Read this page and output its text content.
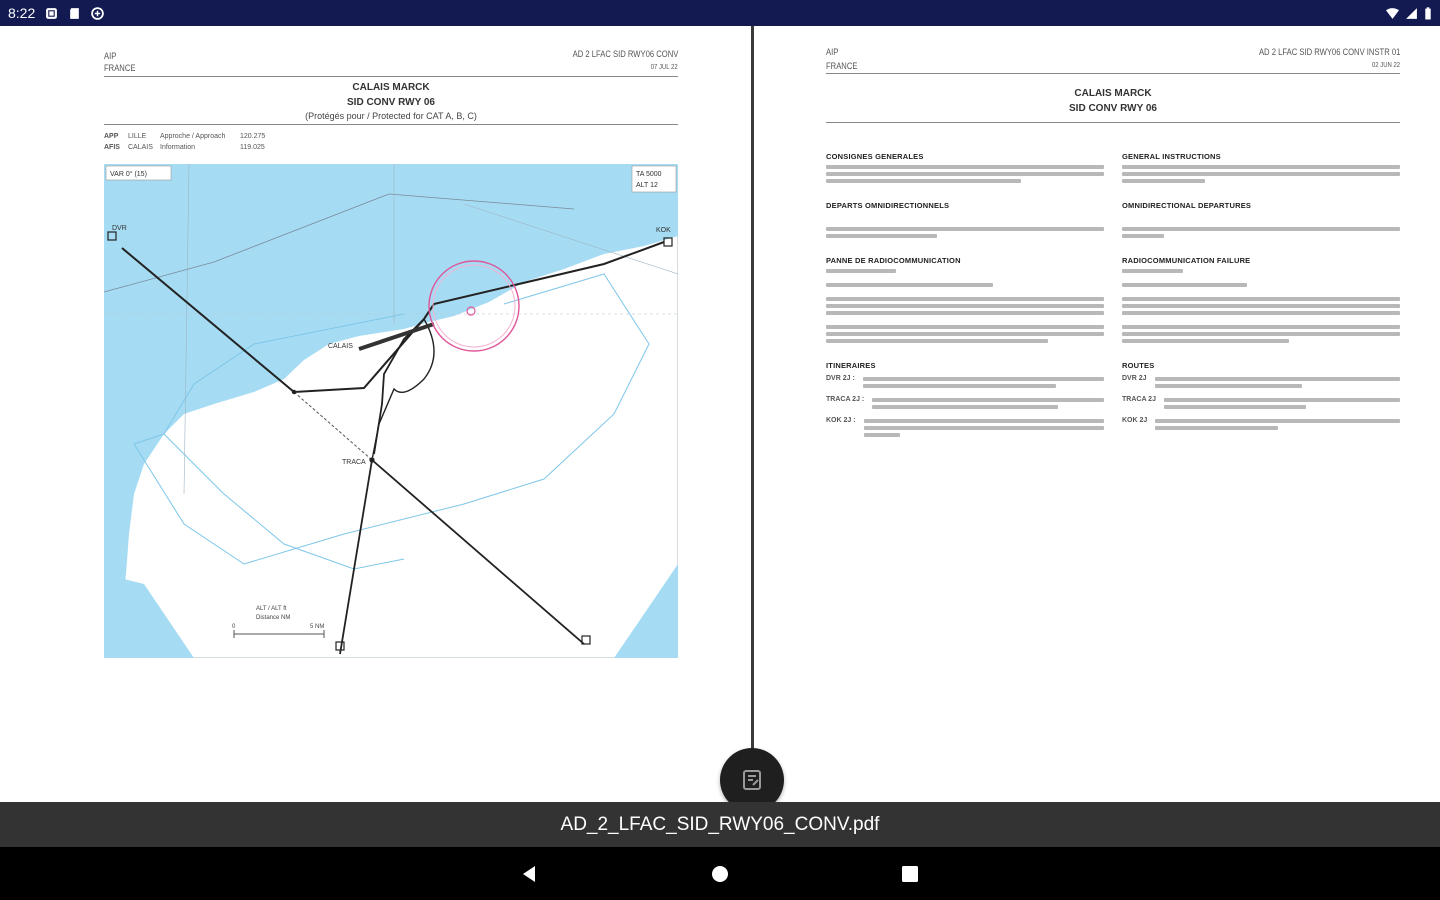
8:22
AIP
FRANCE
AD 2 LFAC SID RWY06 CONV
07 JUL 22
CALAIS MARCK
SID CONV RWY 06
(Protégés pour / Protected for CAT A, B, C)
APP LILLE Approche / Approach 120.275
AFIS CALAIS Information	119.025
VAR 0° (15)	TA 5000
ALT 12
CALAIS
TRACA
DVR	KOK
ALT / ALT ft
Distance NM
0	5 NM
AIP
FRANCE
AD 2 LFAC SID RWY06 CONV INSTR 01
02 JUN 22
CALAIS MARCK
SID CONV RWY 06
CONSIGNES GENERALES
DEPARTS OMNIDIRECTIONNELS
PANNE DE RADIOCOMMUNICATION
ITINERAIRES
DVR 2J :
TRACA 2J :
KOK 2J :
GENERAL INSTRUCTIONS
OMNIDIRECTIONAL DEPARTURES
RADIOCOMMUNICATION FAILURE
ROUTES
DVR 2J
TRACA 2J
KOK 2J
AD_2_LFAC_SID_RWY06_CONV.pdf
